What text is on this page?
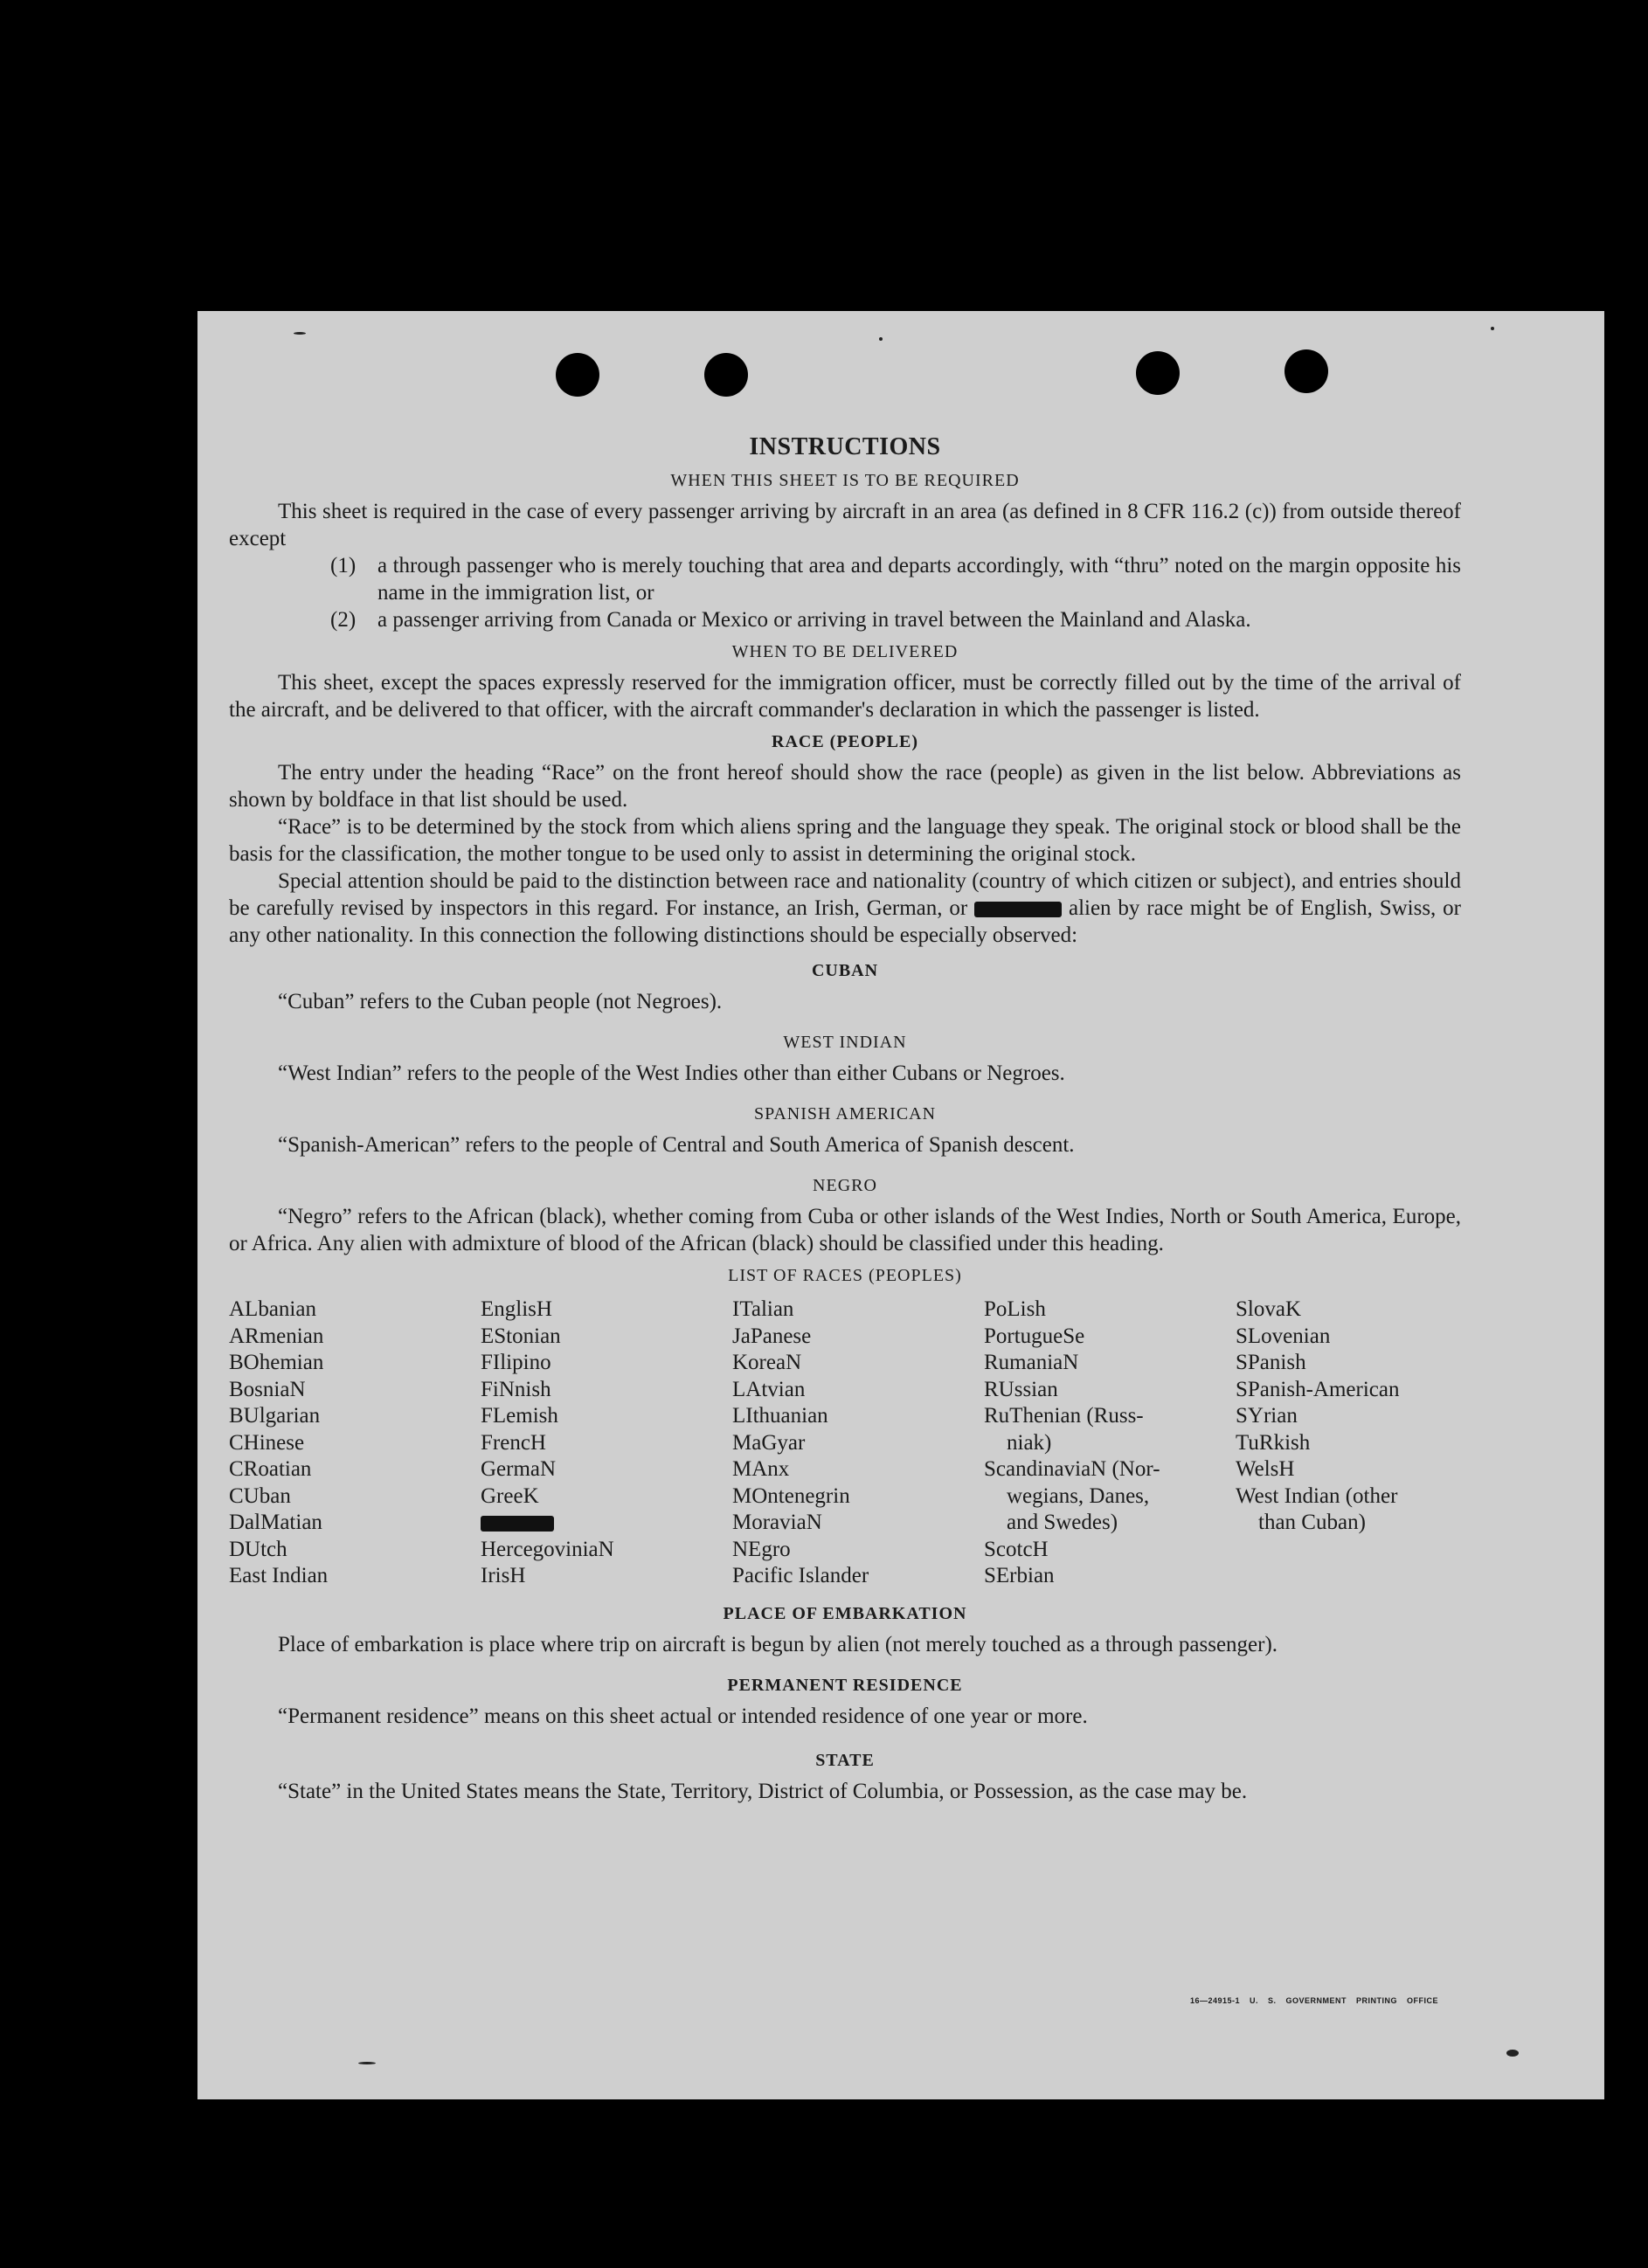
INSTRUCTIONS
WHEN THIS SHEET IS TO BE REQUIRED

This sheet is required in the case of every passenger arriving by aircraft in an area (as defined in 8 CFR 116.2 (c)) from outside thereof except

(1) a through passenger who is merely touching that area and departs accordingly, with “thru” noted on the margin opposite his name in the immigration list, or
(2) a passenger arriving from Canada or Mexico or arriving in travel between the Mainland and Alaska.
WHEN TO BE DELIVERED

This sheet, except the spaces expressly reserved for the immigration officer, must be correctly filled out by the time of the arrival of the aircraft, and be delivered to that officer, with the aircraft commander's declaration in which the passenger is listed.

RACE (PEOPLE)

The entry under the heading “Race” on the front hereof should show the race (people) as given in the list below. Abbreviations as shown by boldface in that list should be used.

“Race” is to be determined by the stock from which aliens spring and the language they speak. The original stock or blood shall be the basis for the classification, the mother tongue to be used only to assist in determining the original stock.

Special attention should be paid to the distinction between race and nationality (country of which citizen or subject), and entries should be carefully revised by inspectors in this regard. For instance, an Irish, German, or	alien by race might be of English, Swiss, or any other nationality. In this connection the following distinctions should be especially observed:

CUBAN

“Cuban” refers to the Cuban people (not Negroes).

WEST INDIAN

“West Indian” refers to the people of the West Indies other than either Cubans or Negroes.

SPANISH AMERICAN

“Spanish-American” refers to the people of Central and South America of Spanish descent.

NEGRO

“Negro” refers to the African (black), whether coming from Cuba or other islands of the West Indies, North or South America, Europe, or Africa. Any alien with admixture of blood of the African (black) should be classified under this heading.

LIST OF RACES (PEOPLES)
ALbanian
ARmenian
BOhemian
BosniaN
BUlgarian
CHinese
CRoatian
CUban
DalMatian
DUtch
East Indian
EnglisH
EStonian
FIlipino
FiNnish
FLemish
FrencH
GermaN
GreeK
HercegoviniaN
IrisH
ITalian
JaPanese
KoreaN
LAtvian
LIthuanian
MaGyar
MAnx
MOntenegrin
MoraviaN
NEgro
Pacific Islander
PoLish
PortugueSe
RumaniaN
RUssian
RuThenian (Russ-
niak)
ScandinaviaN (Nor-
wegians, Danes,
and Swedes)
ScotcH
SErbian
SlovaK
SLovenian
SPanish
SPanish-American
SYrian
TuRkish
WelsH
West Indian (other
than Cuban)
PLACE OF EMBARKATION

Place of embarkation is place where trip on aircraft is begun by alien (not merely touched as a through passenger).

PERMANENT RESIDENCE

“Permanent residence” means on this sheet actual or intended residence of one year or more.

STATE

“State” in the United States means the State, Territory, District of Columbia, or Possession, as the case may be.

16—24915-1 U. S. GOVERNMENT PRINTING OFFICE
